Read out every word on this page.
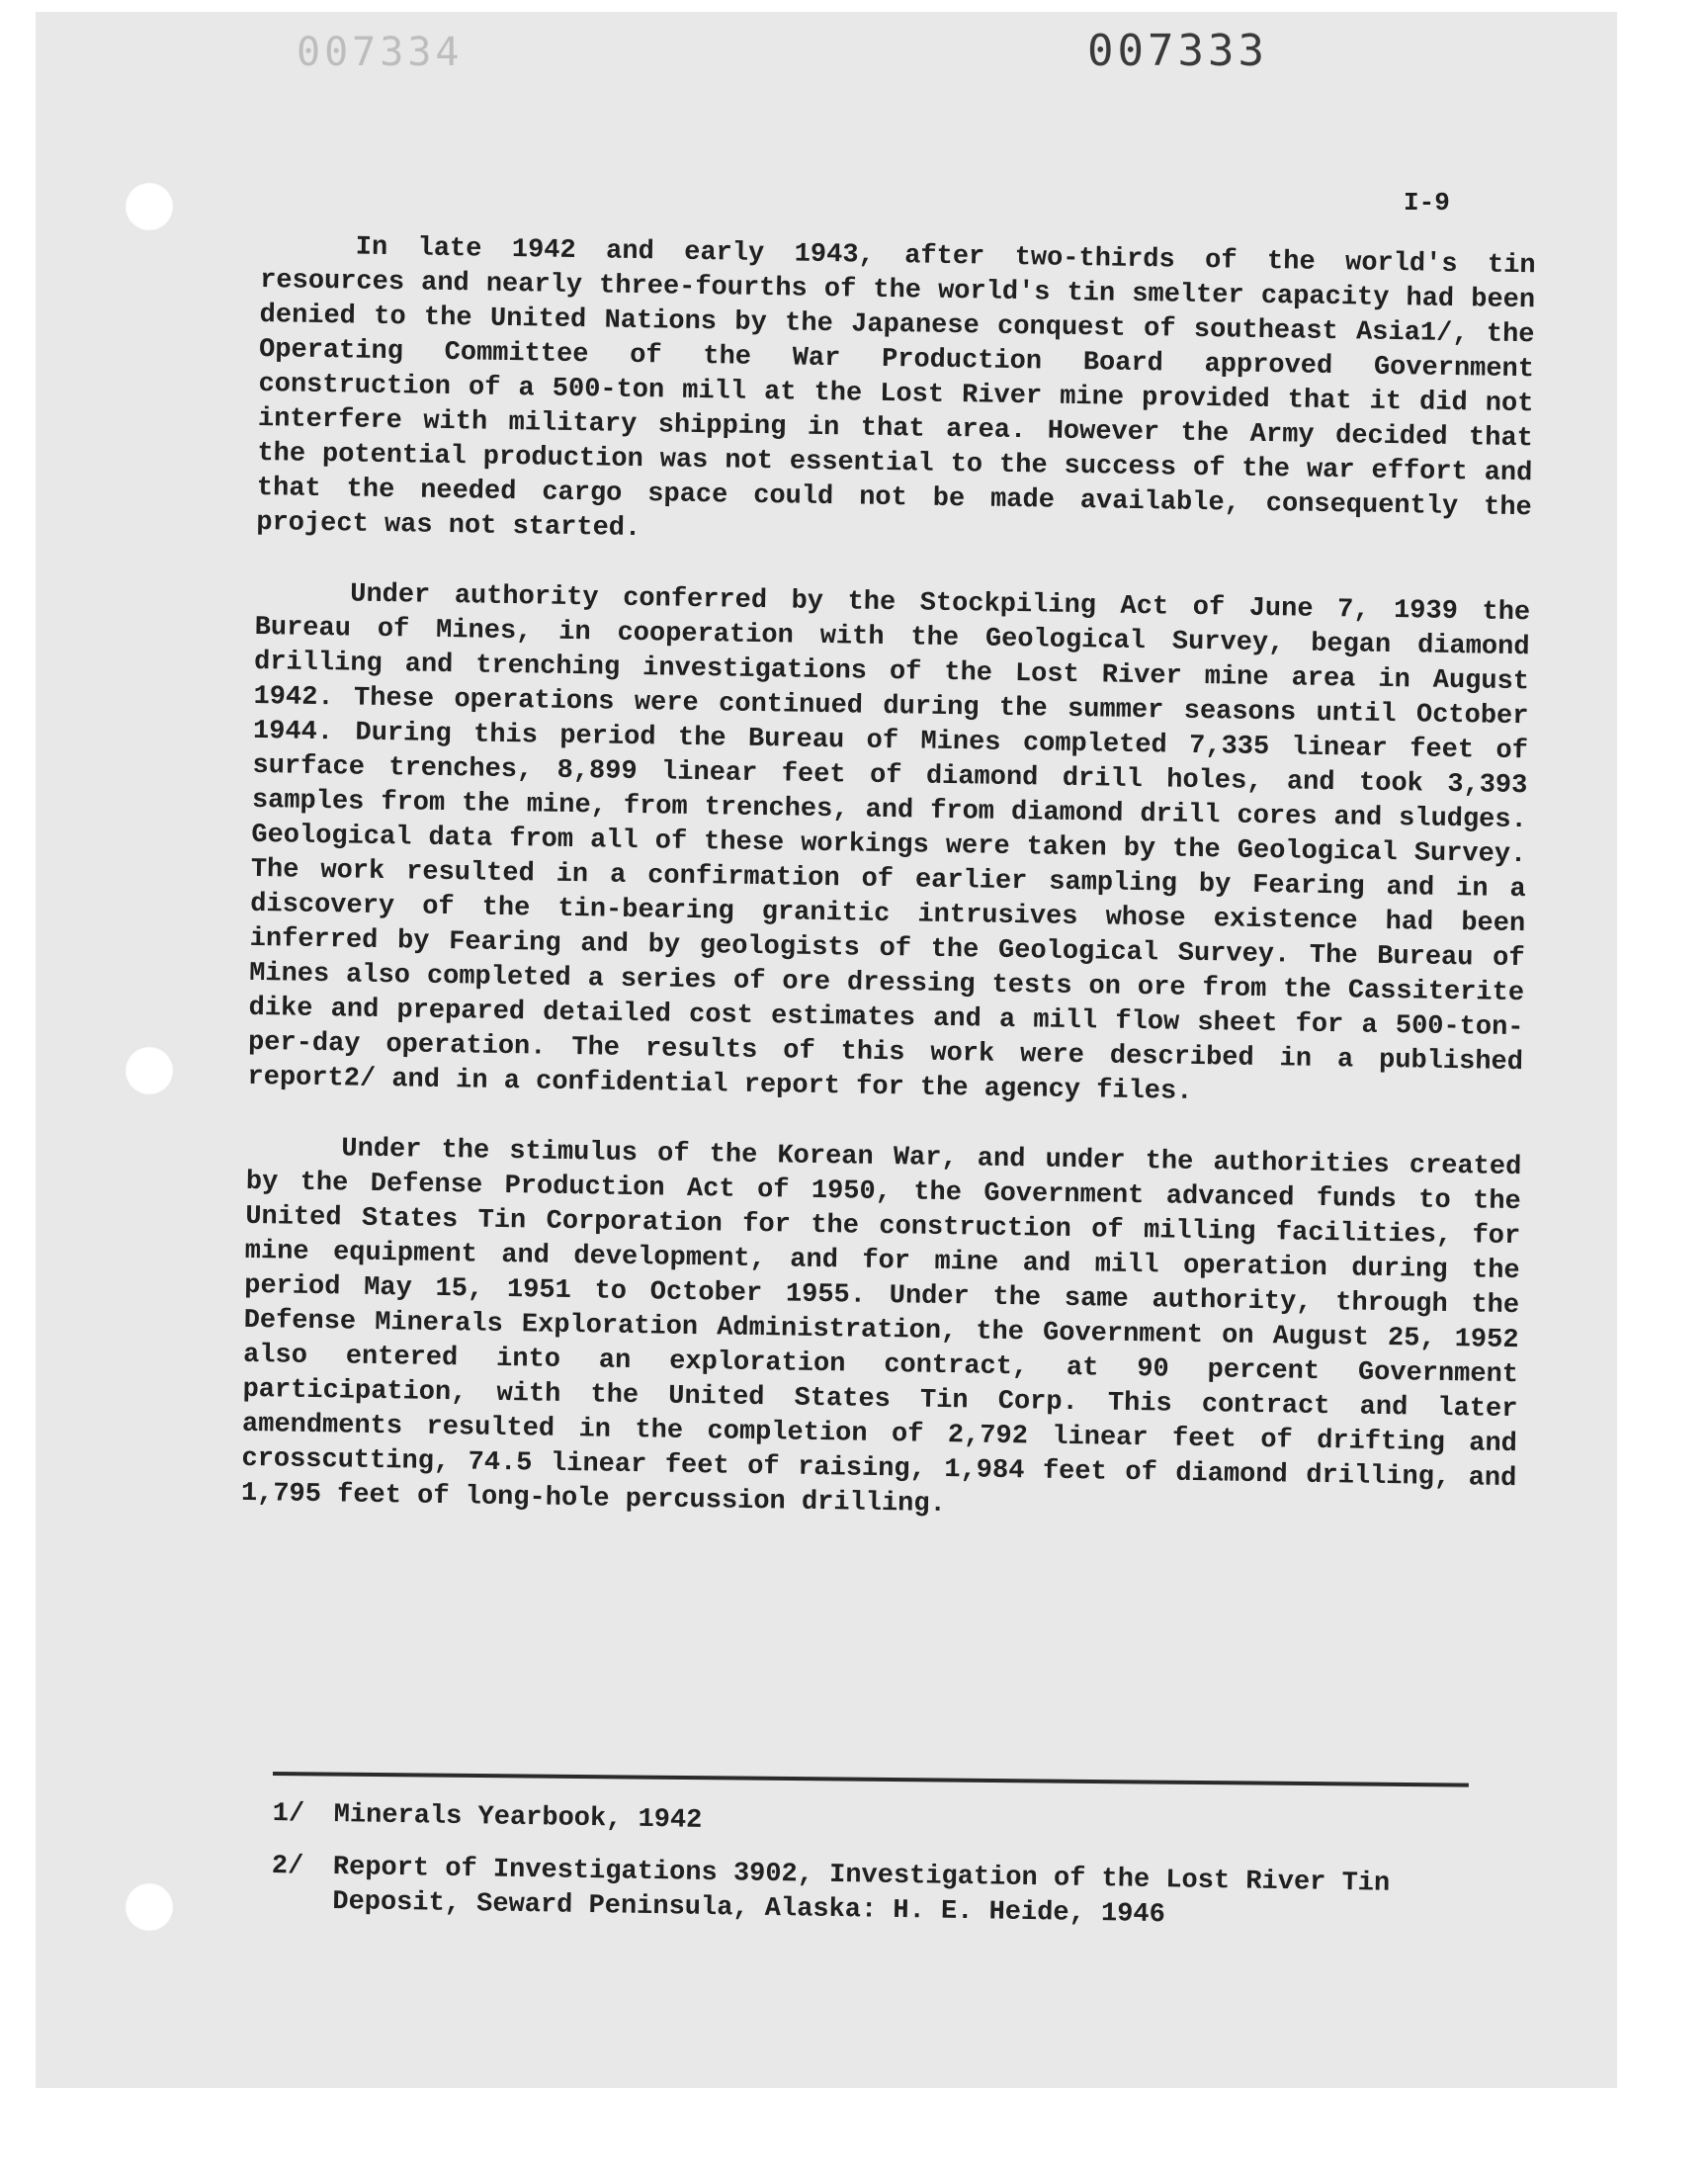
007334	007333
I-9

In late 1942 and early 1943, after two-thirds of the world's tin resources and nearly three-fourths of the world's tin smelter capacity had been denied to the United Nations by the Japanese conquest of southeast Asia1/, the Operating Committee of the War Production Board approved Government construction of a 500-ton mill at the Lost River mine provided that it did not interfere with military shipping in that area. However the Army decided that the potential production was not essential to the success of the war effort and that the needed cargo space could not be made available, consequently the project was not started.

Under authority conferred by the Stockpiling Act of June 7, 1939 the Bureau of Mines, in cooperation with the Geological Survey, began diamond drilling and trenching investigations of the Lost River mine area in August 1942. These operations were continued during the summer seasons until October 1944. During this period the Bureau of Mines completed 7,335 linear feet of surface trenches, 8,899 linear feet of diamond drill holes, and took 3,393 samples from the mine, from trenches, and from diamond drill cores and sludges. Geological data from all of these workings were taken by the Geological Survey. The work resulted in a confirmation of earlier sampling by Fearing and in a discovery of the tin-bearing granitic intrusives whose existence had been inferred by Fearing and by geologists of the Geological Survey. The Bureau of Mines also completed a series of ore dressing tests on ore from the Cassiterite dike and prepared detailed cost estimates and a mill flow sheet for a 500-ton-per-day operation. The results of this work were described in a published report2/ and in a confidential report for the agency files.

Under the stimulus of the Korean War, and under the authorities created by the Defense Production Act of 1950, the Government advanced funds to the United States Tin Corporation for the construction of milling facilities, for mine equipment and development, and for mine and mill operation during the period May 15, 1951 to October 1955. Under the same authority, through the Defense Minerals Exploration Administration, the Government on August 25, 1952 also entered into an exploration contract, at 90 percent Government participation, with the United States Tin Corp. This contract and later amendments resulted in the completion of 2,792 linear feet of drifting and crosscutting, 74.5 linear feet of raising, 1,984 feet of diamond drilling, and 1,795 feet of long-hole percussion drilling.

1/	Minerals Yearbook, 1942
2/	Report of Investigations 3902, Investigation of the Lost River Tin Deposit, Seward Peninsula, Alaska: H. E. Heide, 1946
